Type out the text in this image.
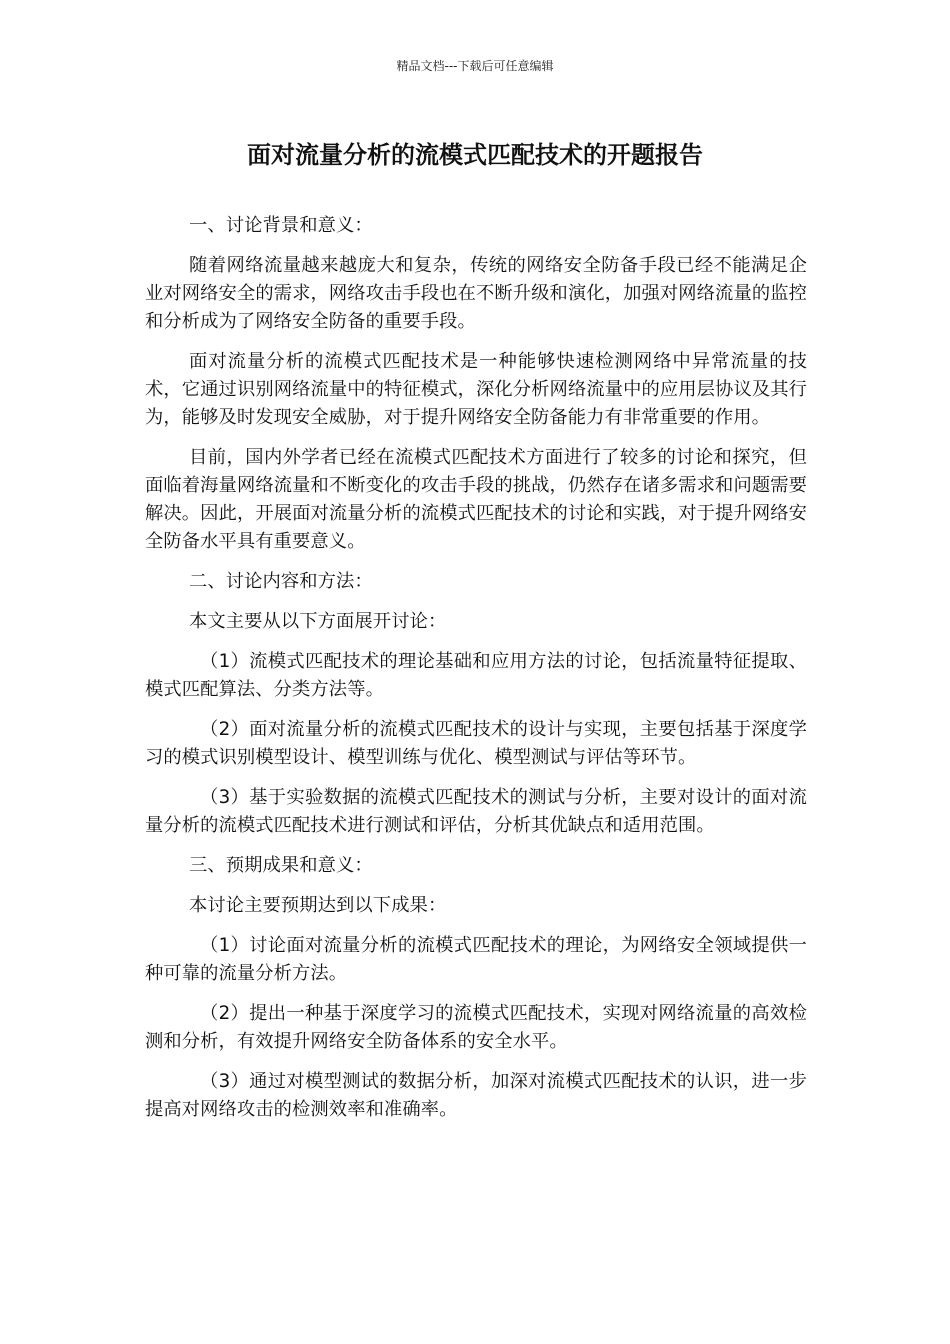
精品文档---下载后可任意编辑
面对流量分析的流模式匹配技术的开题报告

一、讨论背景和意义：

随着网络流量越来越庞大和复杂，传统的网络安全防备手段已经不能满足企业对网络安全的需求，网络攻击手段也在不断升级和演化，加强对网络流量的监控和分析成为了网络安全防备的重要手段。

面对流量分析的流模式匹配技术是一种能够快速检测网络中异常流量的技术，它通过识别网络流量中的特征模式，深化分析网络流量中的应用层协议及其行为，能够及时发现安全威胁，对于提升网络安全防备能力有非常重要的作用。

目前，国内外学者已经在流模式匹配技术方面进行了较多的讨论和探究，但面临着海量网络流量和不断变化的攻击手段的挑战，仍然存在诸多需求和问题需要解决。因此，开展面对流量分析的流模式匹配技术的讨论和实践，对于提升网络安全防备水平具有重要意义。

二、讨论内容和方法：

本文主要从以下方面展开讨论：

（1）流模式匹配技术的理论基础和应用方法的讨论，包括流量特征提取、模式匹配算法、分类方法等。

（2）面对流量分析的流模式匹配技术的设计与实现，主要包括基于深度学习的模式识别模型设计、模型训练与优化、模型测试与评估等环节。

（3）基于实验数据的流模式匹配技术的测试与分析，主要对设计的面对流量分析的流模式匹配技术进行测试和评估，分析其优缺点和适用范围。

三、预期成果和意义：

本讨论主要预期达到以下成果：

（1）讨论面对流量分析的流模式匹配技术的理论，为网络安全领域提供一种可靠的流量分析方法。

（2）提出一种基于深度学习的流模式匹配技术，实现对网络流量的高效检测和分析，有效提升网络安全防备体系的安全水平。

（3）通过对模型测试的数据分析，加深对流模式匹配技术的认识，进一步提高对网络攻击的检测效率和准确率。
